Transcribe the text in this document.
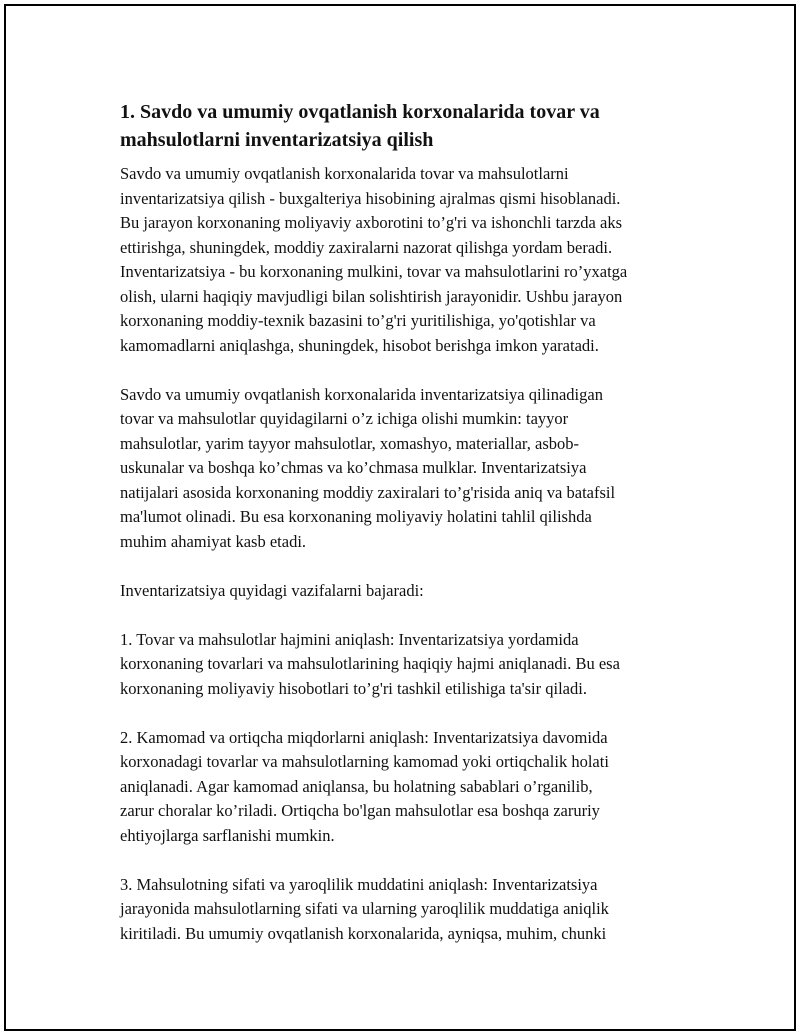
1. Savdo va umumiy ovqatlanish korxonalarida tovar va
mahsulotlarni inventarizatsiya qilish
Savdo va umumiy ovqatlanish korxonalarida tovar va mahsulotlarni
inventarizatsiya qilish - buxgalteriya hisobining ajralmas qismi hisoblanadi.
Bu jarayon korxonaning moliyaviy axborotini to’g'ri va ishonchli tarzda aks
ettirishga, shuningdek, moddiy zaxiralarni nazorat qilishga yordam beradi.
Inventarizatsiya - bu korxonaning mulkini, tovar va mahsulotlarini ro’yxatga
olish, ularni haqiqiy mavjudligi bilan solishtirish jarayonidir. Ushbu jarayon
korxonaning moddiy-texnik bazasini to’g'ri yuritilishiga, yo'qotishlar va
kamomadlarni aniqlashga, shuningdek, hisobot berishga imkon yaratadi.
Savdo va umumiy ovqatlanish korxonalarida inventarizatsiya qilinadigan
tovar va mahsulotlar quyidagilarni o’z ichiga olishi mumkin: tayyor
mahsulotlar, yarim tayyor mahsulotlar, xomashyo, materiallar, asbob-
uskunalar va boshqa ko’chmas va ko’chmasa mulklar. Inventarizatsiya
natijalari asosida korxonaning moddiy zaxiralari to’g'risida aniq va batafsil
ma'lumot olinadi. Bu esa korxonaning moliyaviy holatini tahlil qilishda
muhim ahamiyat kasb etadi.
Inventarizatsiya quyidagi vazifalarni bajaradi:
1. Tovar va mahsulotlar hajmini aniqlash: Inventarizatsiya yordamida
korxonaning tovarlari va mahsulotlarining haqiqiy hajmi aniqlanadi. Bu esa
korxonaning moliyaviy hisobotlari to’g'ri tashkil etilishiga ta'sir qiladi.
2. Kamomad va ortiqcha miqdorlarni aniqlash: Inventarizatsiya davomida
korxonadagi tovarlar va mahsulotlarning kamomad yoki ortiqchalik holati
aniqlanadi. Agar kamomad aniqlansa, bu holatning sabablari o’rganilib,
zarur choralar ko’riladi. Ortiqcha bo'lgan mahsulotlar esa boshqa zaruriy
ehtiyojlarga sarflanishi mumkin.
3. Mahsulotning sifati va yaroqlilik muddatini aniqlash: Inventarizatsiya
jarayonida mahsulotlarning sifati va ularning yaroqlilik muddatiga aniqlik
kiritiladi. Bu umumiy ovqatlanish korxonalarida, ayniqsa, muhim, chunki
